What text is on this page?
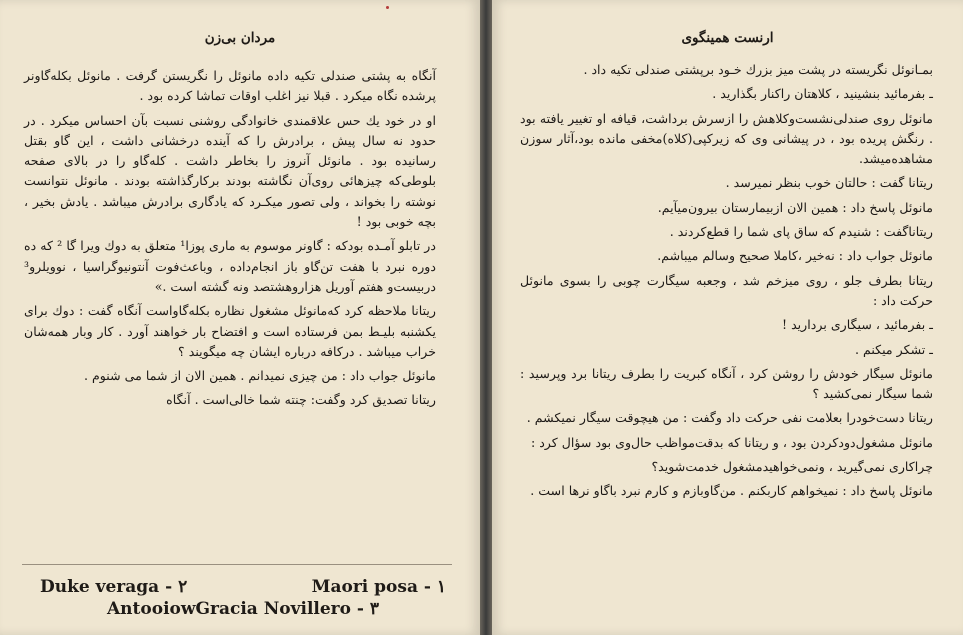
مردان بی‌زن

آنگاه به پشتی صندلی تکیه داده مانوئل را نگریستن گرفت . مانوئل بکله‌گاونر پرشده نگاه میکرد . قبلا نیز اغلب اوقات تماشا کرده بود .

او در خود یك حس علاقمندی خانوادگی روشنی نسبت بآن احساس میکرد . در حدود نه سال پیش ، برادرش را که آینده درخشانی داشت ، این گاو بقتل رسانیده بود . مانوئل آنروز را بخاطر داشت . کله‌گاو را در بالای صفحه بلوطی‌که چیزهائی روی‌آن نگاشته بودند برکارگذاشته بودند . مانوئل نتوانست نوشته را بخواند ، ولی تصور میکـرد که یادگاری برادرش میباشد . یادش بخیر ، بچه خوبی بود !

در تابلو آمـده بودکه : گاونر موسوم به ماری پوزا¹ متعلق به دوك ویرا گا ² که ده دوره نبرد با هفت تن‌گاو باز انجام‌داده ، وباعث‌فوت آنتونیوگراسیا ، نوویلرو³ دربیست‌و هفتم آوریل هزاروهشتصد ونه گشته است .»

ریتانا ملاحظه کرد که‌مانوئل مشغول نظاره بکله‌گاواست آنگاه گفت : دوك برای یکشنبه بلیـط بمن فرستاده است و افتضاح بار خواهند آورد . کار وبار همه‌شان خراب میباشد . درکافه درباره ایشان چه میگویند ؟

مانوئل جواب داد : من چیزی نمیدانم . همین الان از شما می شنوم .

ریتانا تصدیق کرد وگفت: چنته شما خالی‌است . آنگاه

Duke veraga - ۲	Maori posa - ۱
AntooiowGracia Novillero - ۳
ارنست همینگوی

بمـانوئل نگریسته در پشت میز بزرك خـود برپشتی صندلی تکیه داد .

ـ بفرمائید بنشینید ، کلاهتان راکنار بگذارید .

مانوئل روی صندلی‌نشست‌وکلاهش را ازسرش برداشت، قیافه او تغییر یافته بود . رنگش پریده بود ، در پیشانی وی که زیرکپی(کلاه)مخفی مانده بود،آثار سوزن مشاهده‌میشد.

ریتانا گفت : حالتان خوب بنظر نمیرسد .

مانوئل پاسخ داد : همین الان ازبیمارستان بیرون‌میآیم.

ریتاناگفت : شنیدم که ساق پای شما را قطع‌کردند .

مانوئل جواب داد : نه‌خیر ،کاملا صحیح وسالم میباشم.

ریتانا بطرف جلو ، روی میزخم شد ، وجعبه سیگارت چوبی را بسوی مانوئل حرکت داد :

ـ بفرمائید ، سیگاری بردارید !

ـ تشکر میکنم .

مانوئل سیگار خودش را روشن کرد ، آنگاه کبریت را بطرف ریتانا برد وپرسید : شما سیگار نمی‌کشید ؟

ریتانا دست‌خودرا بعلامت نفی حرکت داد وگفت : من هیچوقت سیگار نمیکشم .

مانوئل مشغول‌دود‌کردن بود ، و ریتانا که بدقت‌مواظب حال‌وی بود سؤال کرد :

چراکاری نمی‌گیرید ، ونمی‌خواهیدمشغول خدمت‌شوید؟

مانوئل پاسخ داد : نمیخواهم کاربکنم . من‌گاوبازم و کارم نبرد باگاو نرها است .
